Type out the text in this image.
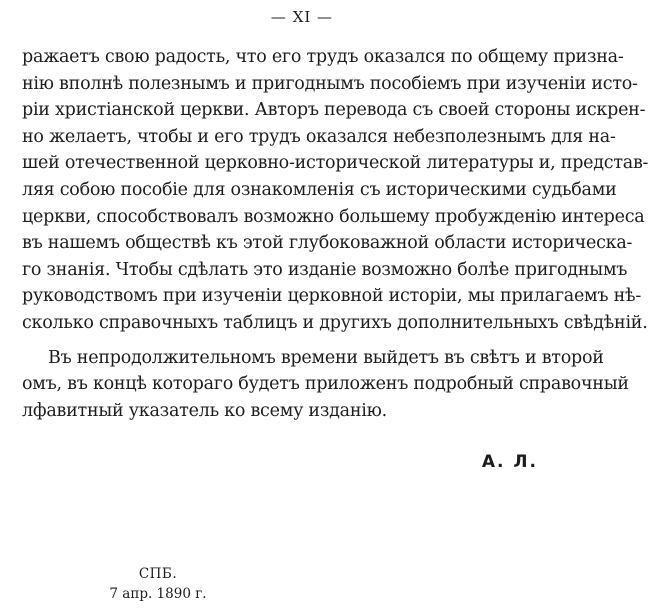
— XI —
ражаетъ свою радость, что его трудъ оказался по общему призна-
нію вполнѣ полезнымъ и пригоднымъ пособіемъ при изученіи исто-
ріи христіанской церкви. Авторъ перевода съ своей стороны искрен-
но желаетъ, чтобы и его трудъ оказался небезполезнымъ для на-
шей отечественной церковно-исторической литературы и, представ-
ляя собою пособіе для ознакомленія съ историческими судьбами
церкви, способствовалъ возможно большему пробужденію интереса
въ нашемъ обществѣ къ этой глубоковажной области историческа-
го знанія. Чтобы сдѣлать это изданіе возможно болѣе пригоднымъ
руководствомъ при изученіи церковной исторіи, мы прилагаемъ нѣ-
сколько справочныхъ таблицъ и другихъ дополнительныхъ свѣдѣній.
Въ непродолжительномъ времени выйдетъ въ свѣтъ и второй
омъ, въ концѣ котораго будетъ приложенъ подробный справочный
лфавитный указатель ко всему изданію.
А. Л.
СПБ.
7 апр. 1890 г.
